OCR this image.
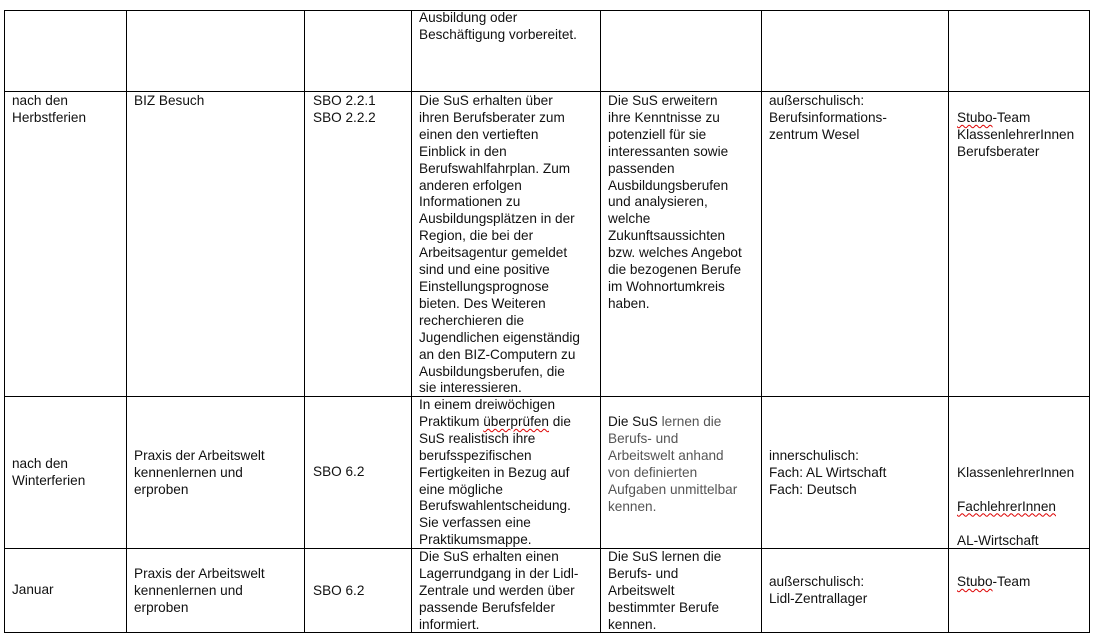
Ausbildung oder
Beschäftigung vorbereitet.
nach den
Herbstferien
BIZ Besuch	SBO 2.2.1
SBO 2.2.2
Die SuS erhalten über
ihren Berufsberater zum
einen den vertieften
Einblick in den
Berufswahlfahrplan. Zum
anderen erfolgen
Informationen zu
Ausbildungsplätzen in der
Region, die bei der
Arbeitsagentur gemeldet
sind und eine positive
Einstellungsprognose
bieten. Des Weiteren
recherchieren die
Jugendlichen eigenständig
an den BIZ-Computern zu
Ausbildungsberufen, die
sie interessieren.
Die SuS erweitern
ihre Kenntnisse zu
potenziell für sie
interessanten sowie
passenden
Ausbildungsberufen
und analysieren,
welche
Zukunftsaussichten
bzw. welches Angebot
die bezogenen Berufe
im Wohnortumkreis
haben.
außerschulisch:
Berufsinformations-
zentrum Wesel

Stubo-Team

KlassenlehrerInnen
Berufsberater

nach den
Winterferien
Praxis der Arbeitswelt
kennenlernen und
erproben
SBO 6.2
In einem dreiwöchigen
Praktikum überprüfen die
SuS realistisch ihre
berufsspezifischen
Fertigkeiten in Bezug auf
eine mögliche
Berufswahlentscheidung.
Sie verfassen eine
Praktikumsmappe.
Die SuS lernen die
Berufs- und
Arbeitswelt anhand
von definierten
Aufgaben unmittelbar
kennen.
innerschulisch:
Fach: AL Wirtschaft
Fach: Deutsch

KlassenlehrerInnen

FachlehrerInnen

AL-Wirtschaft

Januar
Praxis der Arbeitswelt
kennenlernen und
erproben
SBO 6.2
Die SuS erhalten einen
Lagerrundgang in der Lidl-
Zentrale und werden über
passende Berufsfelder
informiert.
Die SuS lernen die
Berufs- und
Arbeitswelt
bestimmter Berufe
kennen.
außerschulisch:
Lidl-Zentrallager
Stubo-Team
